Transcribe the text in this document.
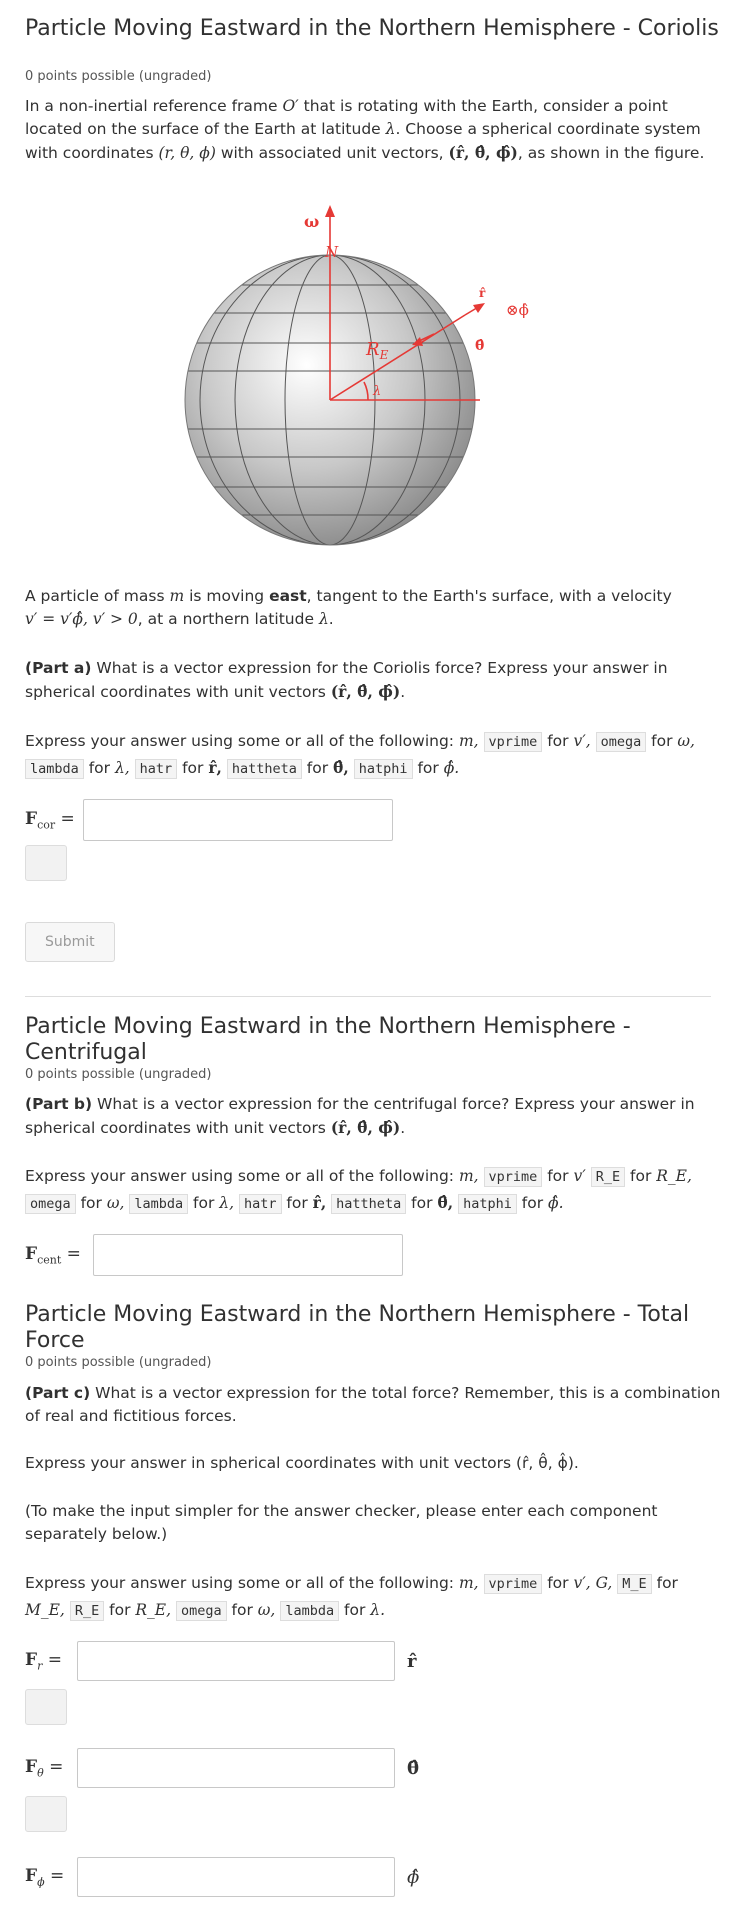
Particle Moving Eastward in the Northern Hemisphere - Coriolis
0 points possible (ungraded)

In a non-inertial reference frame O′ that is rotating with the Earth, consider a point located on the surface of the Earth at latitude λ. Choose a spherical coordinate system with coordinates (r, θ, ϕ) with associated unit vectors, (r̂, θ̂, ϕ̂), as shown in the figure.

ω
N
$R_E$
λ
r̂
⊗ϕ̂
θ̂

A particle of mass m is moving east, tangent to the Earth's surface, with a velocity
v′ = v′ϕ̂, v′ > 0, at a northern latitude λ.

(Part a) What is a vector expression for the Coriolis force? Express your answer in spherical coordinates with unit vectors (r̂, θ̂, ϕ̂).

Express your answer using some or all of the following: m, vprime for v′, omega for ω,
lambda for λ, hatr for r̂, hattheta for θ̂, hatphi for ϕ̂.

$F_{cor}$ =
Submit
Particle Moving Eastward in the Northern Hemisphere - Centrifugal
0 points possible (ungraded)

(Part b) What is a vector expression for the centrifugal force? Express your answer in spherical coordinates with unit vectors (r̂, θ̂, ϕ̂).

Express your answer using some or all of the following: m, vprime for v′ R_E for R_E,
omega for ω, lambda for λ, hatr for r̂, hattheta for θ̂, hatphi for ϕ̂.

$F_{cent}$ =
Particle Moving Eastward in the Northern Hemisphere - Total Force
0 points possible (ungraded)

(Part c) What is a vector expression for the total force? Remember, this is a combination of real and fictitious forces.

Express your answer in spherical coordinates with unit vectors (r̂, θ̂, ϕ̂).

(To make the input simpler for the answer checker, please enter each component separately below.)

Express your answer using some or all of the following: m, vprime for v′, G, M_E for
M_E, R_E for R_E, omega for ω, lambda for λ.

$F_r$ =	r̂
$F_\theta$ =	θ̂
$F_\phi$ =	ϕ̂
